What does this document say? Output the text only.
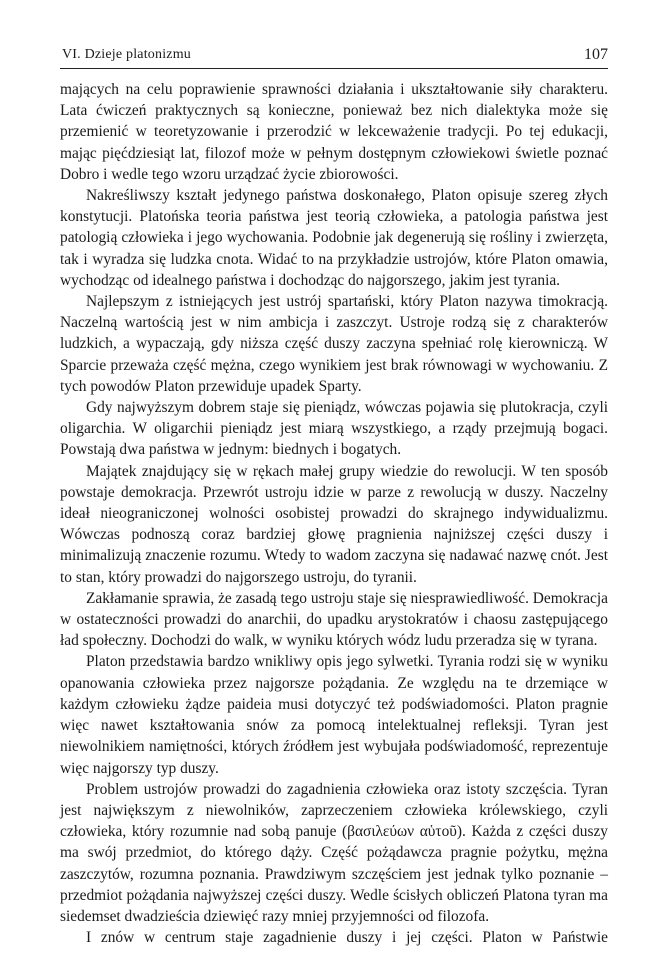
VI. Dzieje platonizmu	107

mających na celu poprawienie sprawności działania i ukształtowanie siły charakteru. Lata ćwiczeń praktycznych są konieczne, ponieważ bez nich dialektyka może się przemienić w teoretyzowanie i przerodzić w lekceważenie tradycji. Po tej edukacji, mając pięćdziesiąt lat, filozof może w pełnym dostępnym człowiekowi świetle poznać Dobro i wedle tego wzoru urządzać życie zbiorowości.

Nakreśliwszy kształt jedynego państwa doskonałego, Platon opisuje szereg złych konstytucji. Platońska teoria państwa jest teorią człowieka, a patologia państwa jest patologią człowieka i jego wychowania. Podobnie jak degenerują się rośliny i zwierzęta, tak i wyradza się ludzka cnota. Widać to na przykładzie ustrojów, które Platon omawia, wychodząc od idealnego państwa i dochodząc do najgorszego, jakim jest tyrania.

Najlepszym z istniejących jest ustrój spartański, który Platon nazywa timokracją. Naczelną wartością jest w nim ambicja i zaszczyt. Ustroje rodzą się z charakterów ludzkich, a wypaczają, gdy niższa część duszy zaczyna spełniać rolę kierowniczą. W Sparcie przeważa część mężna, czego wynikiem jest brak równowagi w wychowaniu. Z tych powodów Platon przewiduje upadek Sparty.

Gdy najwyższym dobrem staje się pieniądz, wówczas pojawia się plutokracja, czyli oligarchia. W oligarchii pieniądz jest miarą wszystkiego, a rządy przejmują bogaci. Powstają dwa państwa w jednym: biednych i bogatych.

Majątek znajdujący się w rękach małej grupy wiedzie do rewolucji. W ten sposób powstaje demokracja. Przewrót ustroju idzie w parze z rewolucją w duszy. Naczelny ideał nieograniczonej wolności osobistej prowadzi do skrajnego indywidualizmu. Wówczas podnoszą coraz bardziej głowę pragnienia najniższej części duszy i minimalizują znaczenie rozumu. Wtedy to wadom zaczyna się nadawać nazwę cnót. Jest to stan, który prowadzi do najgorszego ustroju, do tyranii.

Zakłamanie sprawia, że zasadą tego ustroju staje się niesprawiedliwość. Demokracja w ostateczności prowadzi do anarchii, do upadku arystokratów i chaosu zastępującego ład społeczny. Dochodzi do walk, w wyniku których wódz ludu przeradza się w tyrana.

Platon przedstawia bardzo wnikliwy opis jego sylwetki. Tyrania rodzi się w wyniku opanowania człowieka przez najgorsze pożądania. Ze względu na te drzemiące w każdym człowieku żądze paideia musi dotyczyć też podświadomości. Platon pragnie więc nawet kształtowania snów za pomocą intelektualnej refleksji. Tyran jest niewolnikiem namiętności, których źródłem jest wybujała podświadomość, reprezentuje więc najgorszy typ duszy.

Problem ustrojów prowadzi do zagadnienia człowieka oraz istoty szczęścia. Tyran jest największym z niewolników, zaprzeczeniem człowieka królewskiego, czyli człowieka, który rozumnie nad sobą panuje (βασιλεύων αὑτοῦ). Każda z części duszy ma swój przedmiot, do którego dąży. Część pożądawcza pragnie pożytku, mężna zaszczytów, rozumna poznania. Prawdziwym szczęściem jest jednak tylko poznanie – przedmiot pożądania najwyższej części duszy. Wedle ścisłych obliczeń Platona tyran ma siedemset dwadzieścia dziewięć razy mniej przyjemności od filozofa.

I znów w centrum staje zagadnienie duszy i jej części. Platon w Państwie
